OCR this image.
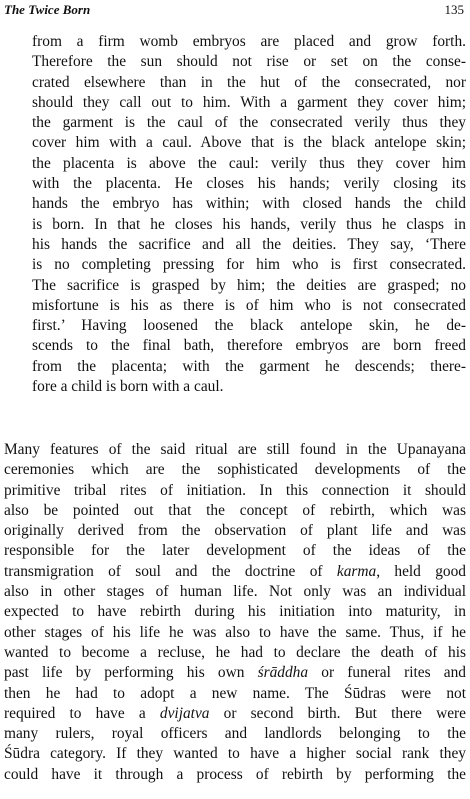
The Twice Born	135
from a firm womb embryos are placed and grow forth.
Therefore the sun should not rise or set on the conse-
crated elsewhere than in the hut of the consecrated, nor
should they call out to him. With a garment they cover him;
the garment is the caul of the consecrated verily thus they
cover him with a caul. Above that is the black antelope skin;
the placenta is above the caul: verily thus they cover him
with the placenta. He closes his hands; verily closing its
hands the embryo has within; with closed hands the child
is born. In that he closes his hands, verily thus he clasps in
his hands the sacrifice and all the deities. They say, ‘There
is no completing pressing for him who is first consecrated.
The sacrifice is grasped by him; the deities are grasped; no
misfortune is his as there is of him who is not consecrated
first.’ Having loosened the black antelope skin, he de-
scends to the final bath, therefore embryos are born freed
from the placenta; with the garment he descends; there-
fore a child is born with a caul.
Many features of the said ritual are still found in the Upanayana
ceremonies which are the sophisticated developments of the
primitive tribal rites of initiation. In this connection it should
also be pointed out that the concept of rebirth, which was
originally derived from the observation of plant life and was
responsible for the later development of the ideas of the
transmigration of soul and the doctrine of karma, held good
also in other stages of human life. Not only was an individual
expected to have rebirth during his initiation into maturity, in
other stages of his life he was also to have the same. Thus, if he
wanted to become a recluse, he had to declare the death of his
past life by performing his own śrāddha or funeral rites and
then he had to adopt a new name. The Śūdras were not
required to have a dvijatva or second birth. But there were
many rulers, royal officers and landlords belonging to the
Śūdra category. If they wanted to have a higher social rank they
could have it through a process of rebirth by performing the
